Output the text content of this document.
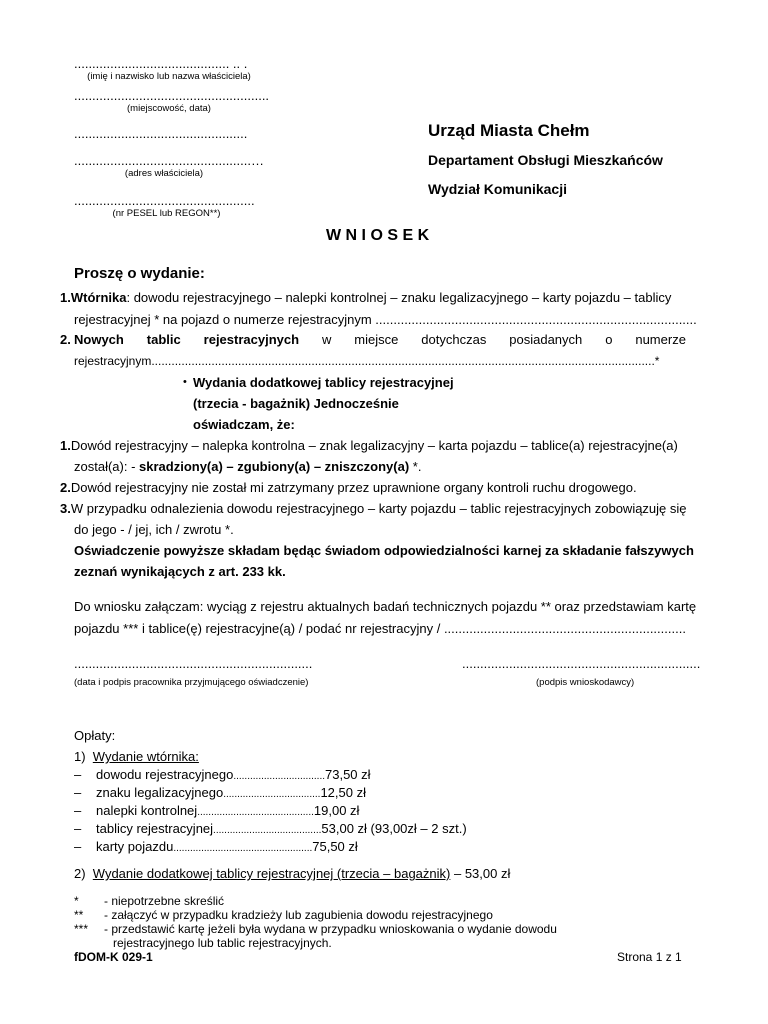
........................................... .. .
(imię i nazwisko lub nazwa właściciela)
......................................................
(miejscowość, data)
................................................
.................................................…
(adres właściciela)
..................................................
(nr PESEL lub REGON**)
Urząd Miasta Chełm
Departament Obsługi Mieszkańców
Wydział Komunikacji
W N I O S E K
Proszę o wydanie:
1.Wtórnika: dowodu rejestracyjnego – nalepki kontrolnej – znaku legalizacyjnego – karty pojazdu – tablicy
rejestracyjnej * na pojazd o numerze rejestracyjnym .........................................................................................
2. Nowych tablic rejestracyjnych w miejsce dotychczas posiadanych o numerze
rejestracyjnym.......................................................................................................................................................*
• Wydania dodatkowej tablicy rejestracyjnej
(trzecia - bagażnik) Jednocześnie
oświadczam, że:
1.Dowód rejestracyjny – nalepka kontrolna – znak legalizacyjny – karta pojazdu – tablice(a) rejestracyjne(a)
został(a): - skradziony(a) – zgubiony(a) – zniszczony(a) *.
2.Dowód rejestracyjny nie został mi zatrzymany przez uprawnione organy kontroli ruchu drogowego.
3.W przypadku odnalezienia dowodu rejestracyjnego – karty pojazdu – tablic rejestracyjnych zobowiązuję się
do jego - / jej, ich / zwrotu *.
Oświadczenie powyższe składam będąc świadom odpowiedzialności karnej za składanie fałszywych
zeznań wynikających z art. 233 kk.
Do wniosku załączam: wyciąg z rejestru aktualnych badań technicznych pojazdu ** oraz przedstawiam kartę
pojazdu *** i tablice(ę) rejestracyjne(ą) / podać nr rejestracyjny / ...................................................................
..................................................................
(data i podpis pracownika przyjmującego oświadczenie)
..................................................................
(podpis wnioskodawcy)
Opłaty:
1) Wydanie wtórnika:
– dowodu rejestracyjnego.................................73,50 zł
– znaku legalizacyjnego...................................12,50 zł
– nalepki kontrolnej..........................................19,00 zł
– tablicy rejestracyjnej.......................................53,00 zł (93,00zł – 2 szt.)
– karty pojazdu..................................................75,50 zł
2) Wydanie dodatkowej tablicy rejestracyjnej (trzecia – bagażnik) – 53,00 zł
* - niepotrzebne skreślić
** - załączyć w przypadku kradzieży lub zagubienia dowodu rejestracyjnego
*** - przedstawić kartę jeżeli była wydana w przypadku wnioskowania o wydanie dowodu
rejestracyjnego lub tablic rejestracyjnych.
fDOM-K 029-1	Strona 1 z 1
